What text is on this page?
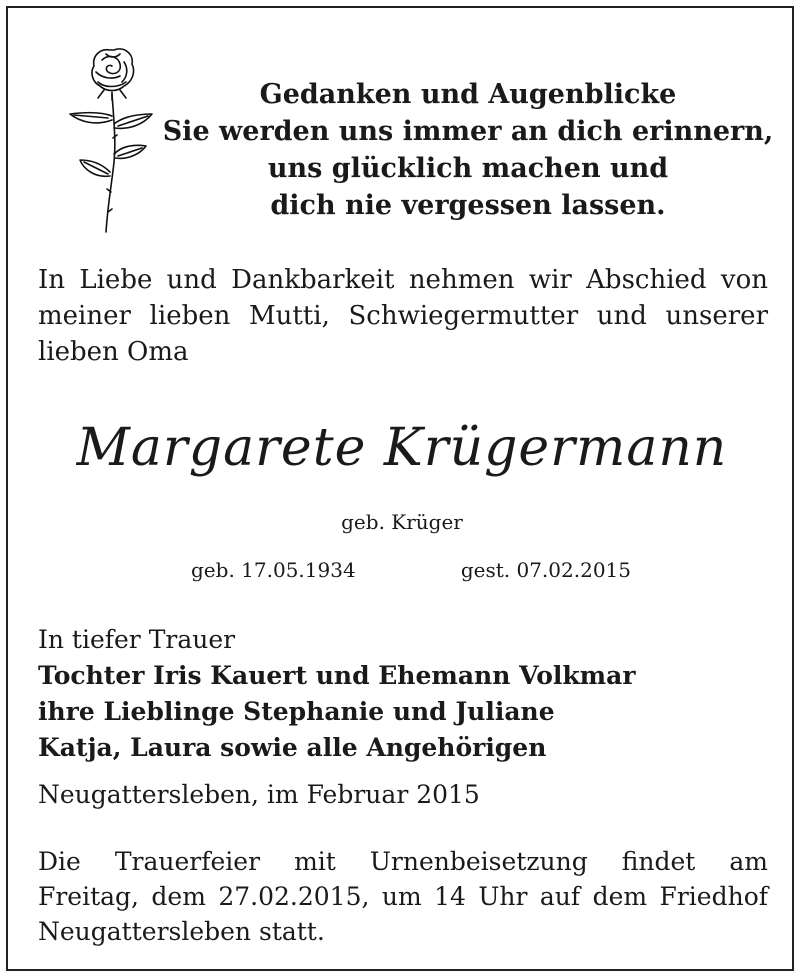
Gedanken und Augenblicke
Sie werden uns immer an dich erinnern,
uns glücklich machen und
dich nie vergessen lassen.
In Liebe und Dankbarkeit nehmen wir Abschied von
meiner lieben Mutti, Schwiegermutter und unserer
lieben Oma
Margarete Krügermann
geb. Krüger
geb. 17.05.1934	gest. 07.02.2015
In tiefer Trauer
Tochter Iris Kauert und Ehemann Volkmar
ihre Lieblinge Stephanie und Juliane
Katja, Laura sowie alle Angehörigen
Neugattersleben, im Februar 2015
Die Trauerfeier mit Urnenbeisetzung findet am
Freitag, dem 27.02.2015, um 14 Uhr auf dem Friedhof
Neugattersleben statt.
